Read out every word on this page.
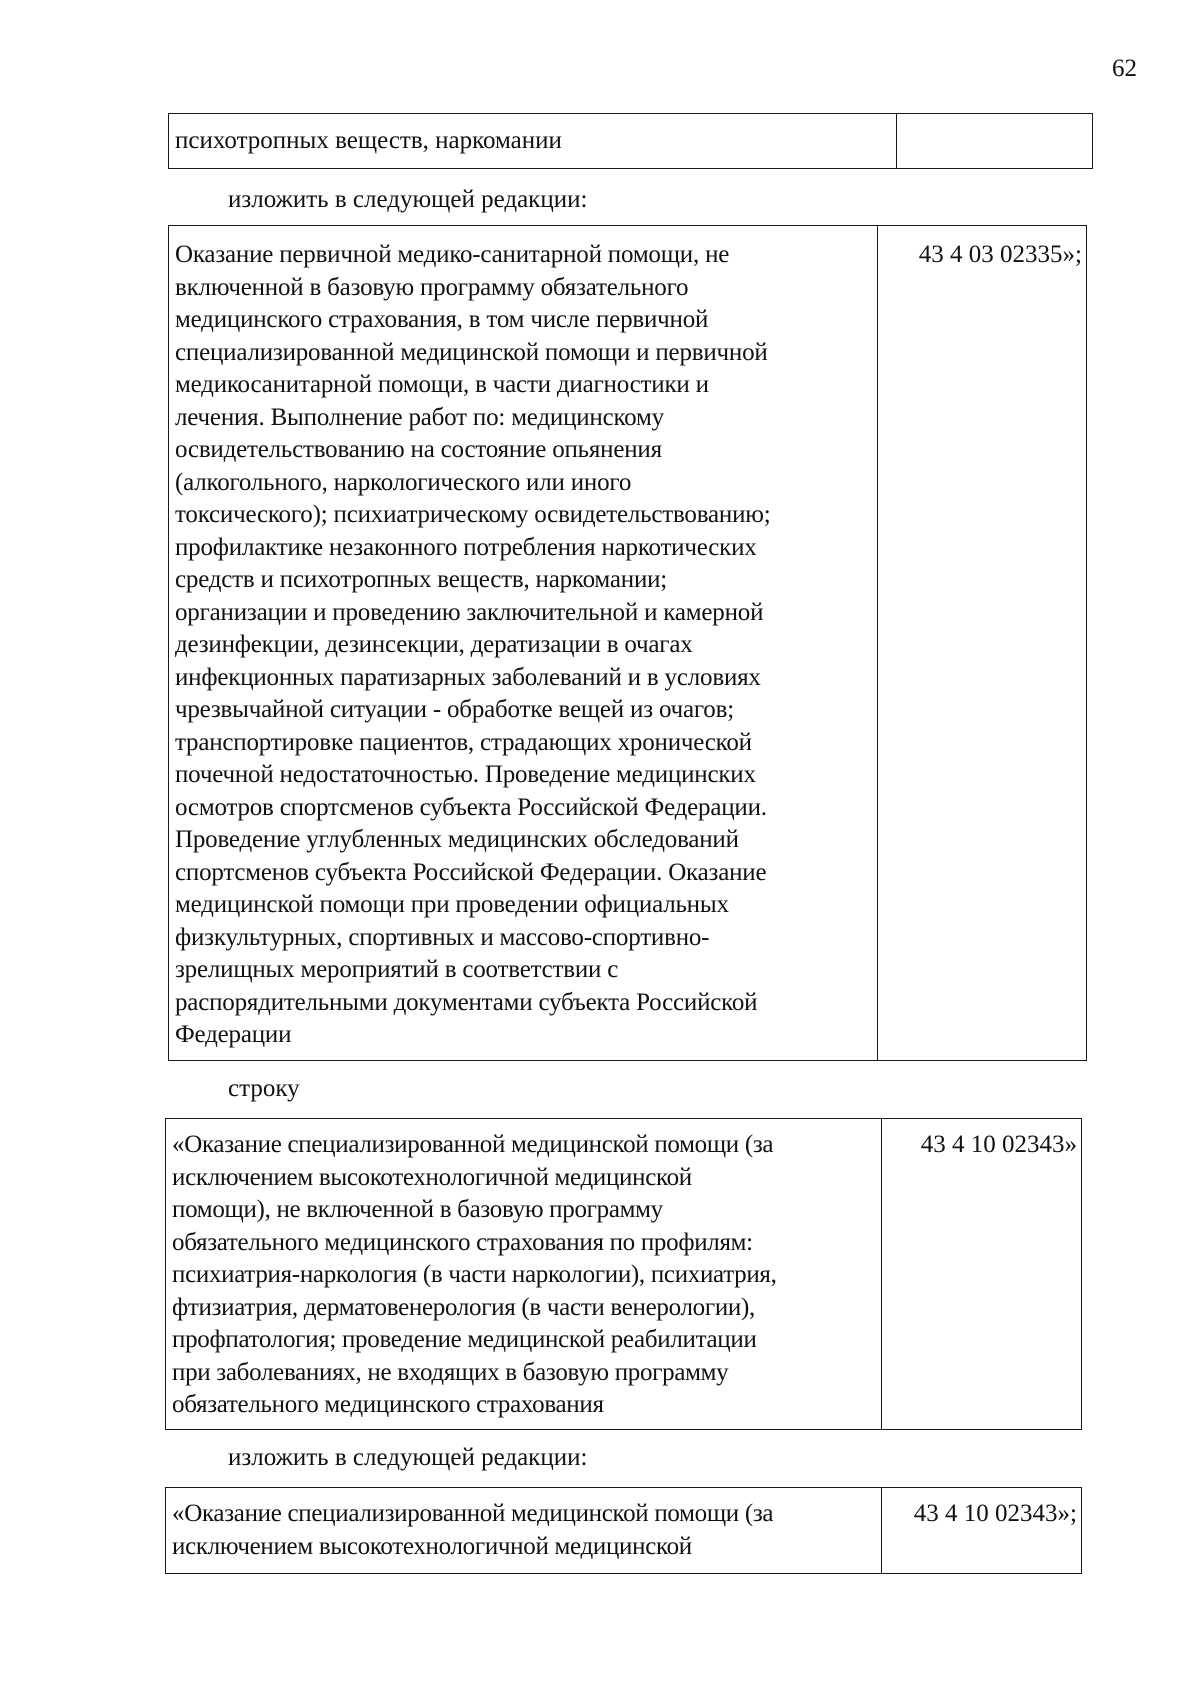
62
психотропных веществ, наркомании
изложить в следующей редакции:
Оказание первичной медико-санитарной помощи, не
включенной в базовую программу обязательного
медицинского страхования, в том числе первичной
специализированной медицинской помощи и первичной
медикосанитарной помощи, в части диагностики и
лечения. Выполнение работ по: медицинскому
освидетельствованию на состояние опьянения
(алкогольного, наркологического или иного
токсического); психиатрическому освидетельствованию;
профилактике незаконного потребления наркотических
средств и психотропных веществ, наркомании;
организации и проведению заключительной и камерной
дезинфекции, дезинсекции, дератизации в очагах
инфекционных паратизарных заболеваний и в условиях
чрезвычайной ситуации - обработке вещей из очагов;
транспортировке пациентов, страдающих хронической
почечной недостаточностью. Проведение медицинских
осмотров спортсменов субъекта Российской Федерации.
Проведение углубленных медицинских обследований
спортсменов субъекта Российской Федерации. Оказание
медицинской помощи при проведении официальных
физкультурных, спортивных и массово-спортивно-
зрелищных мероприятий в соответствии с
распорядительными документами субъекта Российской
Федерации
43 4 03 02335»;
строку
«Оказание специализированной медицинской помощи (за
исключением высокотехнологичной медицинской
помощи), не включенной в базовую программу
обязательного медицинского страхования по профилям:
психиатрия-наркология (в части наркологии), психиатрия,
фтизиатрия, дерматовенерология (в части венерологии),
профпатология; проведение медицинской реабилитации
при заболеваниях, не входящих в базовую программу
обязательного медицинского страхования
43 4 10 02343»
изложить в следующей редакции:
«Оказание специализированной медицинской помощи (за
исключением высокотехнологичной медицинской
43 4 10 02343»;
